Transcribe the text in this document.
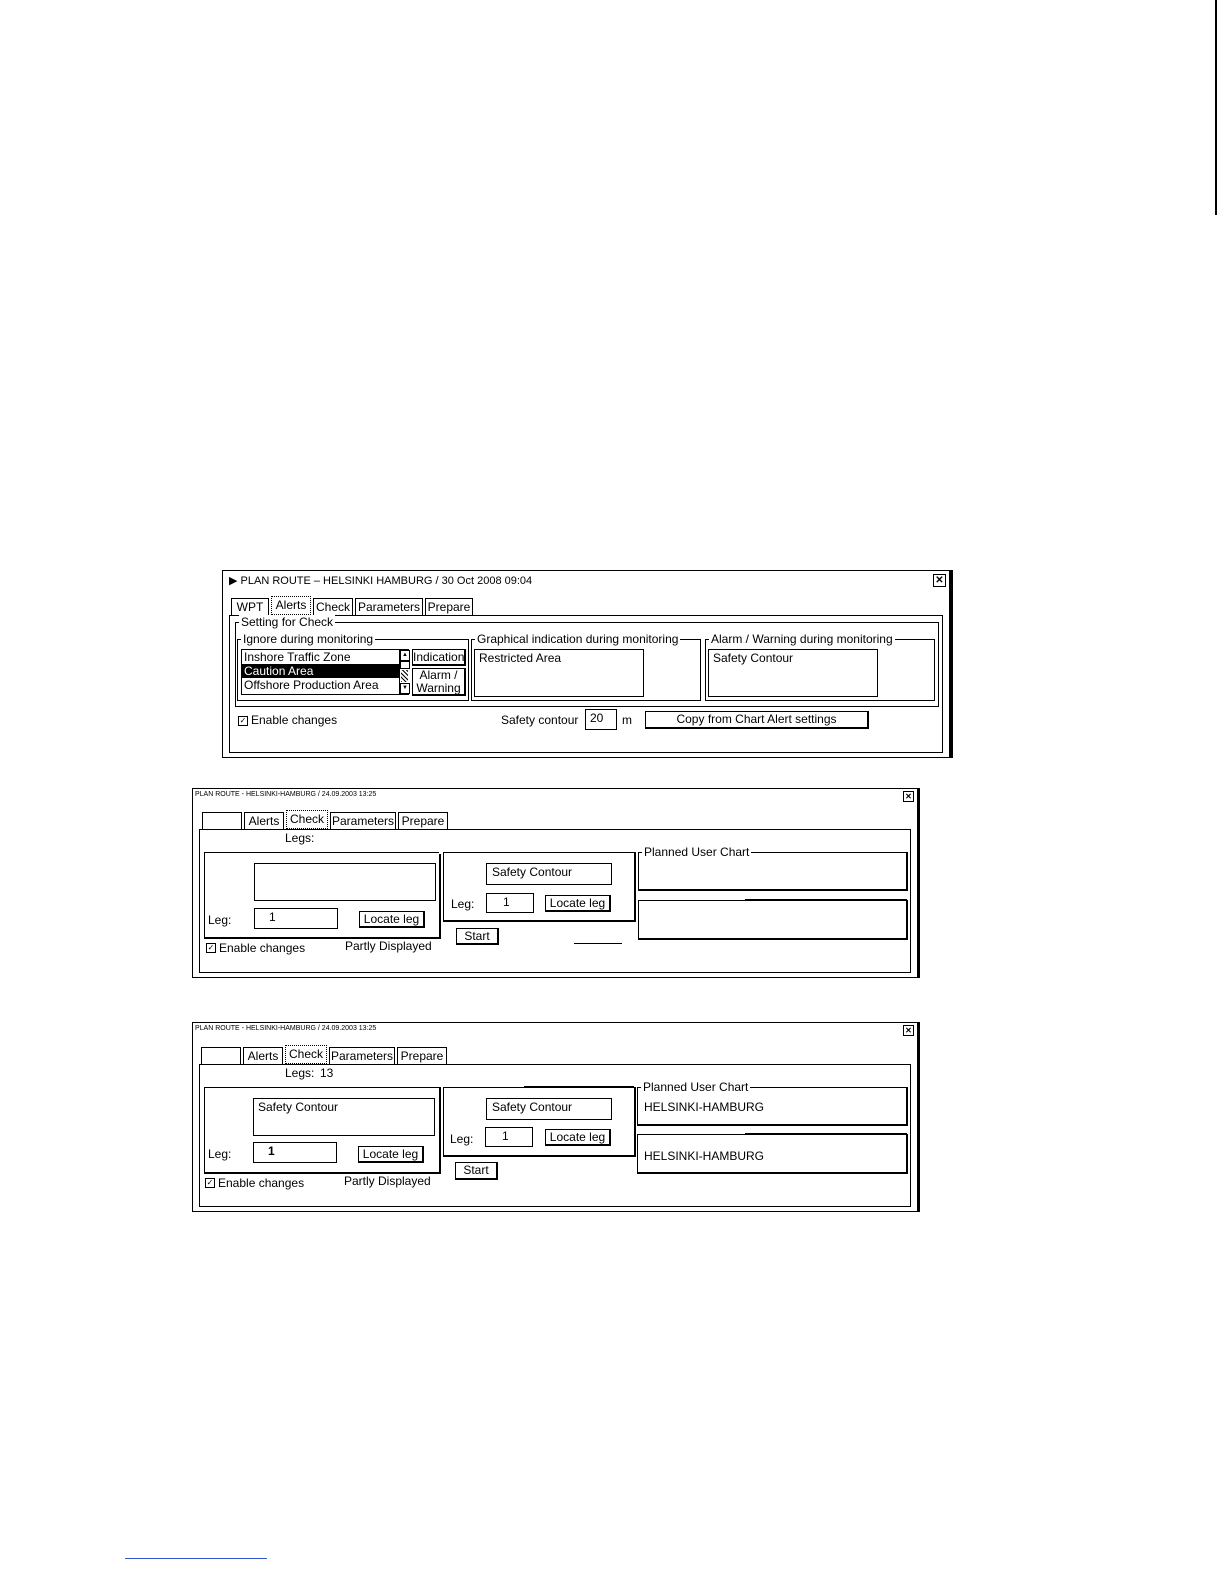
▶ PLAN ROUTE – HELSINKI HAMBURG / 30 Oct 2008 09:04	✕
WPT	Alerts Check Parameters Prepare
Setting for Check
Ignore during monitoring
Inshore Traffic Zone
Caution Area
Offshore Production Area
▲
▼
Indication
Alarm /
Warning
Graphical indication during monitoring
Restricted Area
Alarm / Warning during monitoring
Safety Contour
✓ Enable changes	Safety contour 20	m	Copy from Chart Alert settings
PLAN ROUTE - HELSINKI-HAMBURG / 24.09.2003 13:25	✕
Alerts Check Parameters Prepare
Legs:
Leg:	1	Locate leg
Safety Contour
Leg:	1	Locate leg
Planned User Chart
✓ Enable changes	Partly Displayed
Start
PLAN ROUTE - HELSINKI-HAMBURG / 24.09.2003 13:25	✕
Alerts Check Parameters Prepare
Legs: 13
Safety Contour
Leg:	1	Locate leg
Safety Contour
Leg:	1	Locate leg
Planned User Chart
HELSINKI-HAMBURG
HELSINKI-HAMBURG
✓ Enable changes	Partly Displayed
Start
